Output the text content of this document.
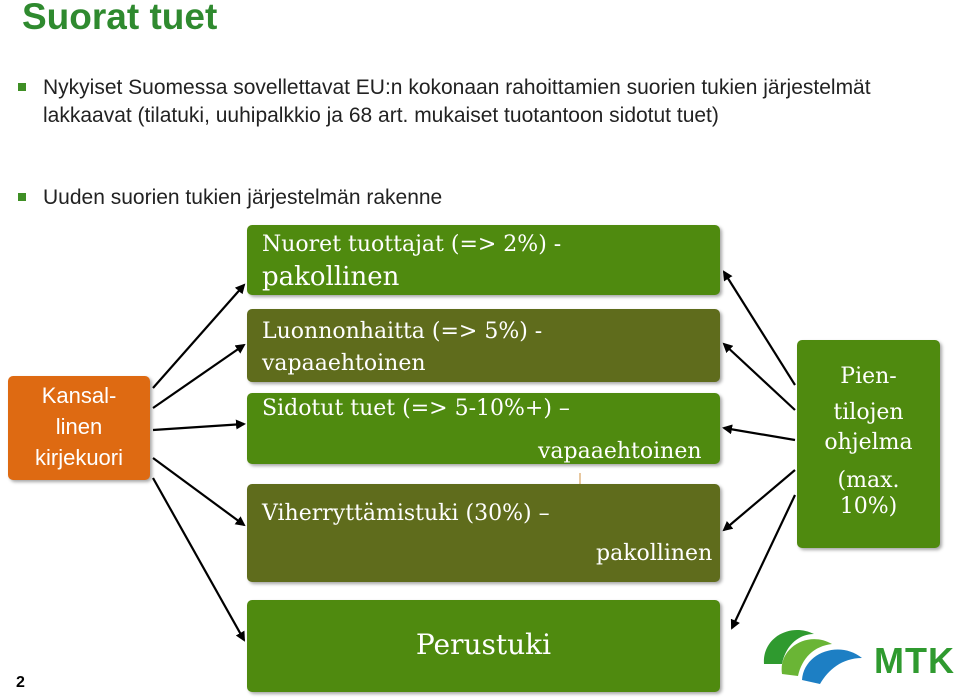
Suorat tuet
Nykyiset Suomessa sovellettavat EU:n kokonaan rahoittamien suorien tukien järjestelmät lakkaavat (tilatuki, uuhipalkkio ja 68 art. mukaiset tuotantoon sidotut tuet)
Uuden suorien tukien järjestelmän rakenne
Kansal-
linen
kirjekuori
Nuoret tuottajat (=> 2%) -
pakollinen
Luonnonhaitta (=> 5%) -
vapaaehtoinen
Sidotut tuet (=> 5-10%+) –
vapaaehtoinen
Viherryttämistuki (30%) –
pakollinen
Perustuki
Pien-
tilojen
ohjelma
(max.
10%)
2
MTK
